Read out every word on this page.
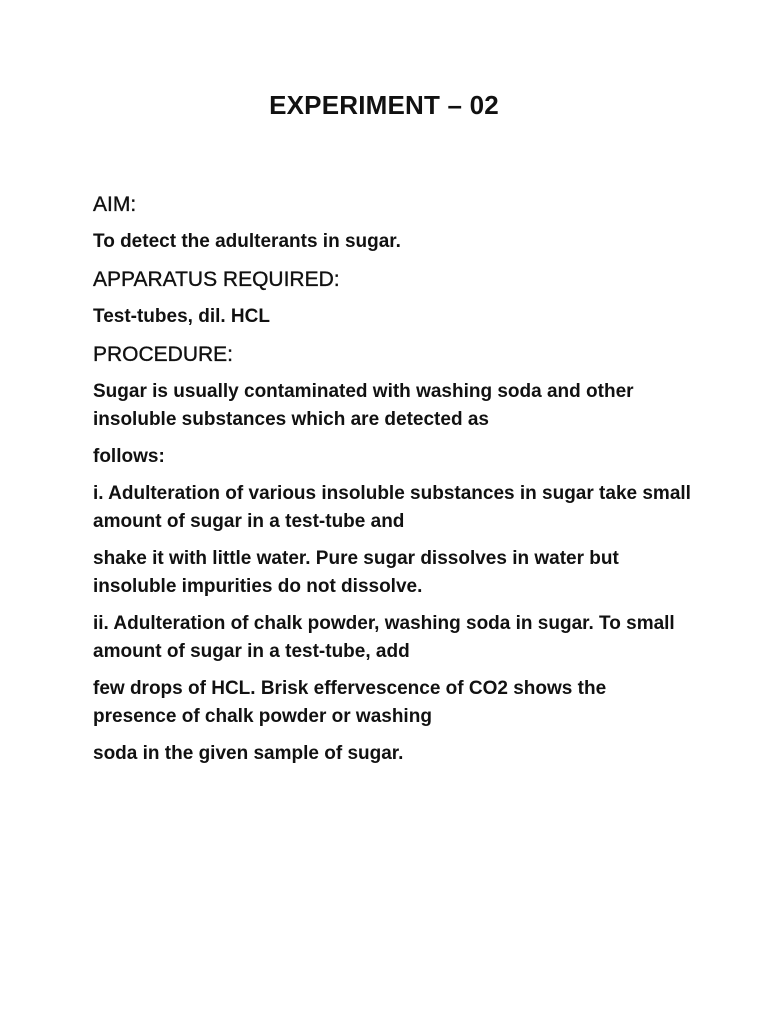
EXPERIMENT – 02
AIM:

To detect the adulterants in sugar.

APPARATUS REQUIRED:

Test-tubes, dil. HCL

PROCEDURE:

Sugar is usually contaminated with washing soda and other insoluble substances which are detected as

follows:

i. Adulteration of various insoluble substances in sugar take small amount of sugar in a test-tube and

shake it with little water. Pure sugar dissolves in water but insoluble impurities do not dissolve.

ii. Adulteration of chalk powder, washing soda in sugar. To small amount of sugar in a test-tube, add

few drops of HCL. Brisk effervescence of CO2 shows the presence of chalk powder or washing

soda in the given sample of sugar.
